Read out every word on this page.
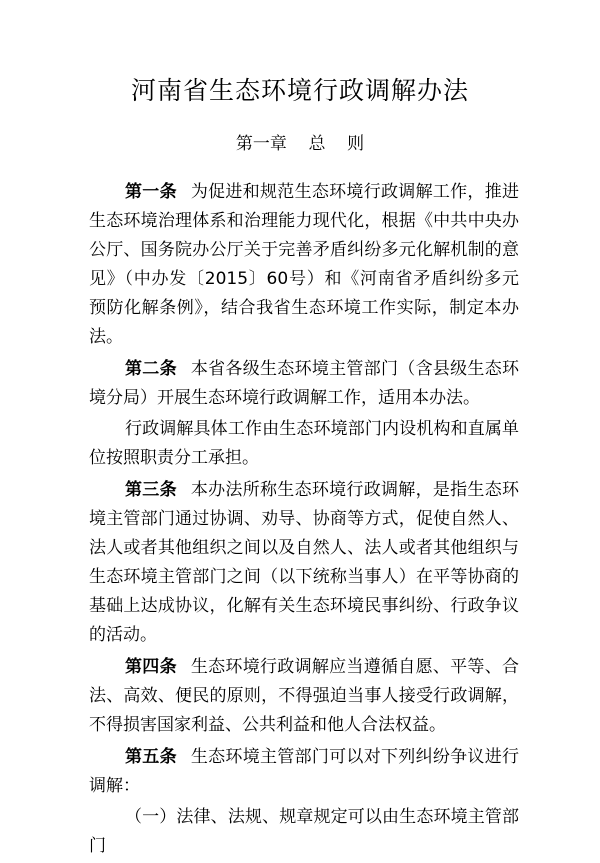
河南省生态环境行政调解办法
第一章    总    则

第一条 为促进和规范生态环境行政调解工作，推进生态环境治理体系和治理能力现代化，根据《中共中央办公厅、国务院办公厅关于完善矛盾纠纷多元化解机制的意见》（中办发〔2015〕60号）和《河南省矛盾纠纷多元预防化解条例》，结合我省生态环境工作实际，制定本办法。

第二条 本省各级生态环境主管部门（含县级生态环境分局）开展生态环境行政调解工作，适用本办法。

行政调解具体工作由生态环境部门内设机构和直属单位按照职责分工承担。

第三条 本办法所称生态环境行政调解，是指生态环境主管部门通过协调、劝导、协商等方式，促使自然人、法人或者其他组织之间以及自然人、法人或者其他组织与生态环境主管部门之间（以下统称当事人）在平等协商的基础上达成协议，化解有关生态环境民事纠纷、行政争议的活动。

第四条 生态环境行政调解应当遵循自愿、平等、合法、高效、便民的原则，不得强迫当事人接受行政调解，不得损害国家利益、公共利益和他人合法权益。

第五条 生态环境主管部门可以对下列纠纷争议进行调解：

（一）法律、法规、规章规定可以由生态环境主管部门
